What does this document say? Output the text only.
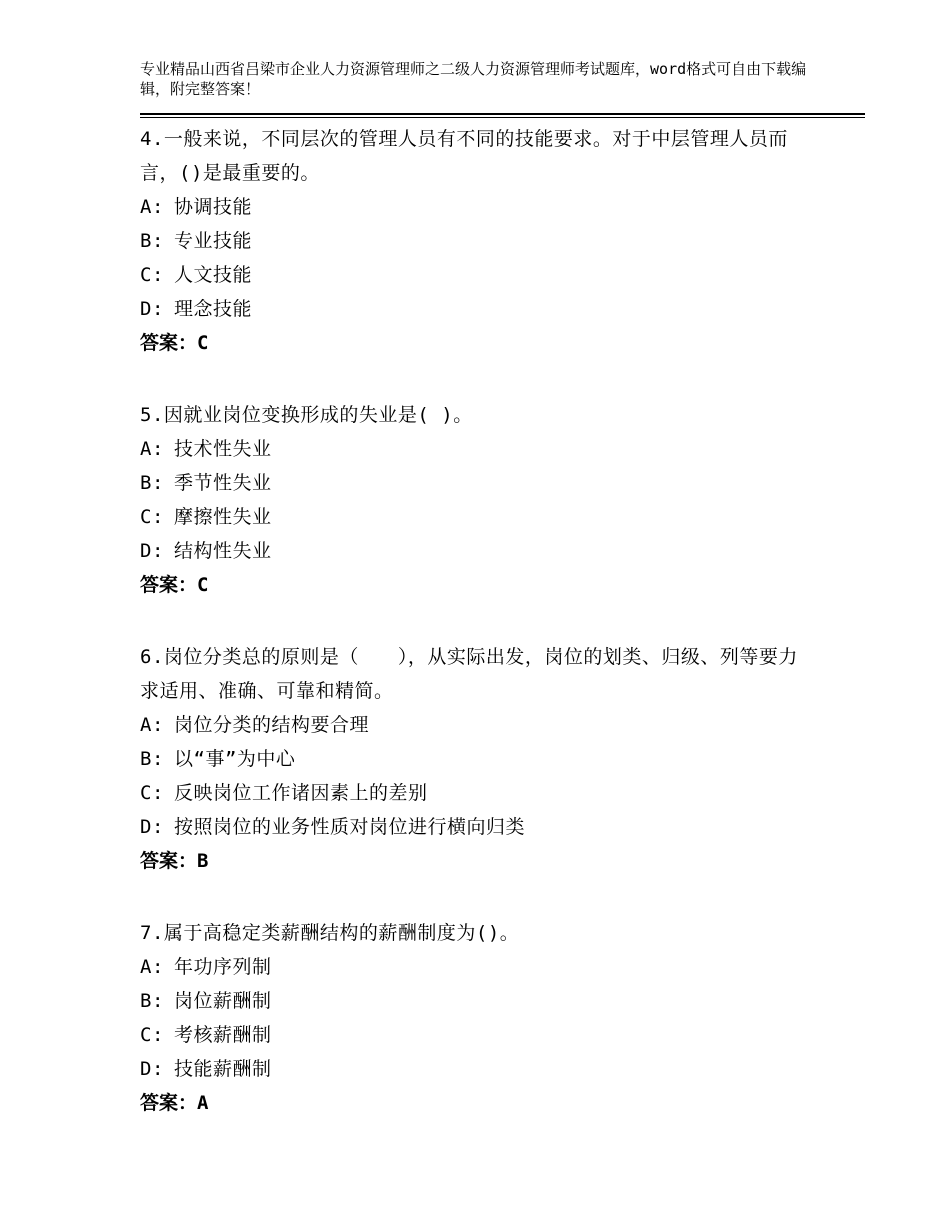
专业精品山西省吕梁市企业人力资源管理师之二级人力资源管理师考试题库，word格式可自由下载编辑，附完整答案！
4.一般来说，不同层次的管理人员有不同的技能要求。对于中层管理人员而言，()是最重要的。
A: 协调技能
B: 专业技能
C: 人文技能
D: 理念技能
答案：C
5.因就业岗位变换形成的失业是( )。
A: 技术性失业
B: 季节性失业
C: 摩擦性失业
D: 结构性失业
答案：C
6.岗位分类总的原则是（　　），从实际出发，岗位的划类、归级、列等要力求适用、准确、可靠和精简。
A: 岗位分类的结构要合理
B: 以“事”为中心
C: 反映岗位工作诸因素上的差别
D: 按照岗位的业务性质对岗位进行横向归类
答案：B
7.属于高稳定类薪酬结构的薪酬制度为()。
A: 年功序列制
B: 岗位薪酬制
C: 考核薪酬制
D: 技能薪酬制
答案：A
